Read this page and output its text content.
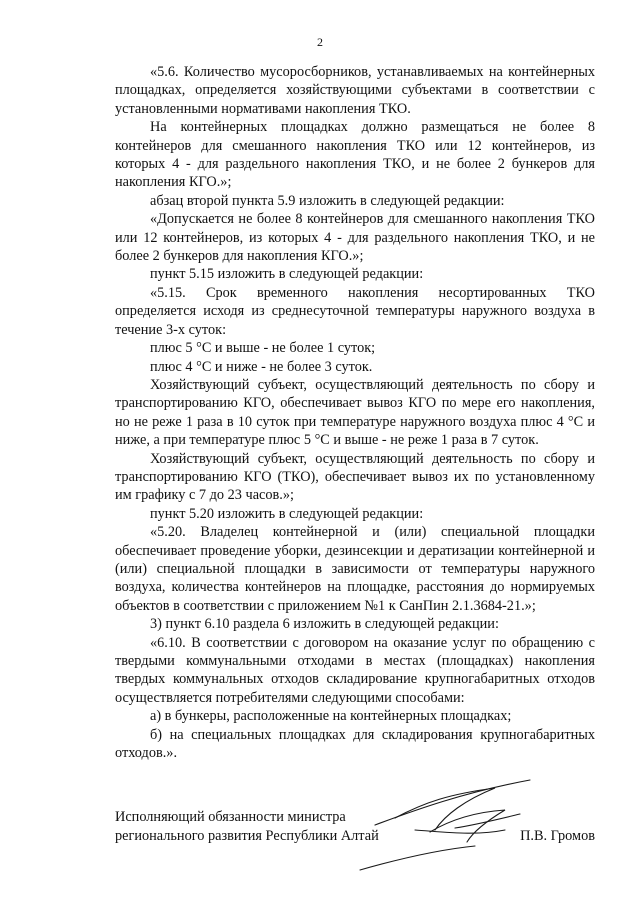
2

«5.6. Количество мусоросборников, устанавливаемых на контейнерных площадках, определяется хозяйствующими субъектами в соответствии с установленными нормативами накопления ТКО.

На контейнерных площадках должно размещаться не более 8 контейнеров для смешанного накопления ТКО или 12 контейнеров, из которых 4 - для раздельного накопления ТКО, и не более 2 бункеров для накопления КГО.»;

абзац второй пункта 5.9 изложить в следующей редакции:

«Допускается не более 8 контейнеров для смешанного накопления ТКО или 12 контейнеров, из которых 4 - для раздельного накопления ТКО, и не более 2 бункеров для накопления КГО.»;

пункт 5.15 изложить в следующей редакции:

«5.15. Срок временного накопления несортированных ТКО определяется исходя из среднесуточной температуры наружного воздуха в течение 3-х суток:

плюс 5 °С и выше - не более 1 суток;

плюс 4 °С и ниже - не более 3 суток.

Хозяйствующий субъект, осуществляющий деятельность по сбору и транспортированию КГО, обеспечивает вывоз КГО по мере его накопления, но не реже 1 раза в 10 суток при температуре наружного воздуха плюс 4 °С и ниже, а при температуре плюс 5 °С и выше - не реже 1 раза в 7 суток.

Хозяйствующий субъект, осуществляющий деятельность по сбору и транспортированию КГО (ТКО), обеспечивает вывоз их по установленному им графику с 7 до 23 часов.»;

пункт 5.20 изложить в следующей редакции:

«5.20. Владелец контейнерной и (или) специальной площадки обеспечивает проведение уборки, дезинсекции и дератизации контейнерной и (или) специальной площадки в зависимости от температуры наружного воздуха, количества контейнеров на площадке, расстояния до нормируемых объектов в соответствии с приложением №1 к СанПин 2.1.3684-21.»;

3) пункт 6.10 раздела 6 изложить в следующей редакции:

«6.10. В соответствии с договором на оказание услуг по обращению с твердыми коммунальными отходами в местах (площадках) накопления твердых коммунальных отходов складирование крупногабаритных отходов осуществляется потребителями следующими способами:

а) в бункеры, расположенные на контейнерных площадках;

б) на специальных площадках для складирования крупногабаритных отходов.».

Исполняющий обязанности министра
регионального развития Республики Алтай	П.В. Громов
